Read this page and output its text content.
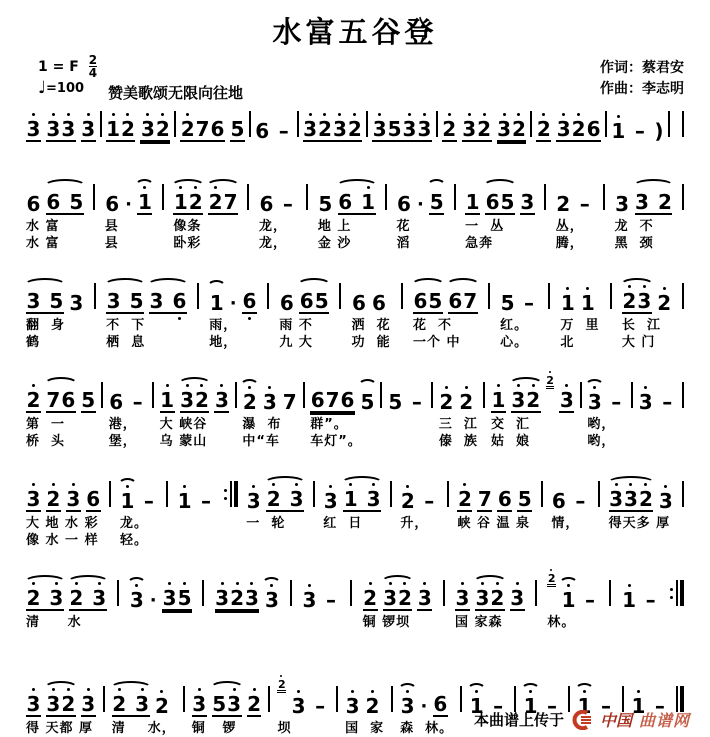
水富五谷登
1 = F $\frac{2}{4}$
♩ =100 赞美歌颂无限向往地
作词：蔡君安
作曲：李志明
3 3 3 3 1 2 3 2 2 7 6 5 6 – 3 2 3 2 3 5 3 3 2 3 2 3 2 2 3 2 6 1 – )
6 6 5
水 富
水 富
6 · 1
县
县
1 2 2 7
像条
卧彩
6 –
龙，
龙，
5 6 1
地 上
金 沙
6 · 5
花
滔
1 6 5 3
一  丛
急奔
2 –
丛，
腾，
3 3 2
龙  不
黑  颈
3 5 3
翻  身
鹤
3 5 3 6
不  下
栖  息
1 · 6
雨，
地，
6 6 5
雨 不
九 大
6 6
洒  花
功  能
6 5 6 7
花  不
一个 中
5 –
红。
心。
1 1
万  里
北
2 3 2
长  江
大 门
2 7 6 5
第  一
桥  头
6 –
港，
堡，
1 3 2 3
大 峡谷
乌 蒙山
2 3 7
瀑  布
中“车
6 7 6 5
群”。
车灯”。
5 – 2 2
三  江
傣  族
1 3 2
2
3
交  汇
姑  娘
3 –
哟，
哟，
3 –
3 2 3 6
大 地 水 彩
像 水 一 样
1 –
龙。
轻。
1 – 3 2 3
一  轮
3 1 3
红  日
2 –
升，
2 7 6 5
峡 谷 温 泉
6 –
情，
3 3 2 3
得天多 厚
2 3 2 3
清     水
3 · 3 5 3 2 3 3 3 – 2 3 2 3
铜 锣坝
3 3 2 3
国 家森
2
1 –
林。
1 –
3 3 2 3
得 天都 厚
2 3 2
清    水，
3 5 3 2
铜   锣
2
3 –
坝
3 2
国  家
3 · 6
森  林。
1 – 1 – 1 – 1 –
本曲谱上传于 中国 曲谱网
